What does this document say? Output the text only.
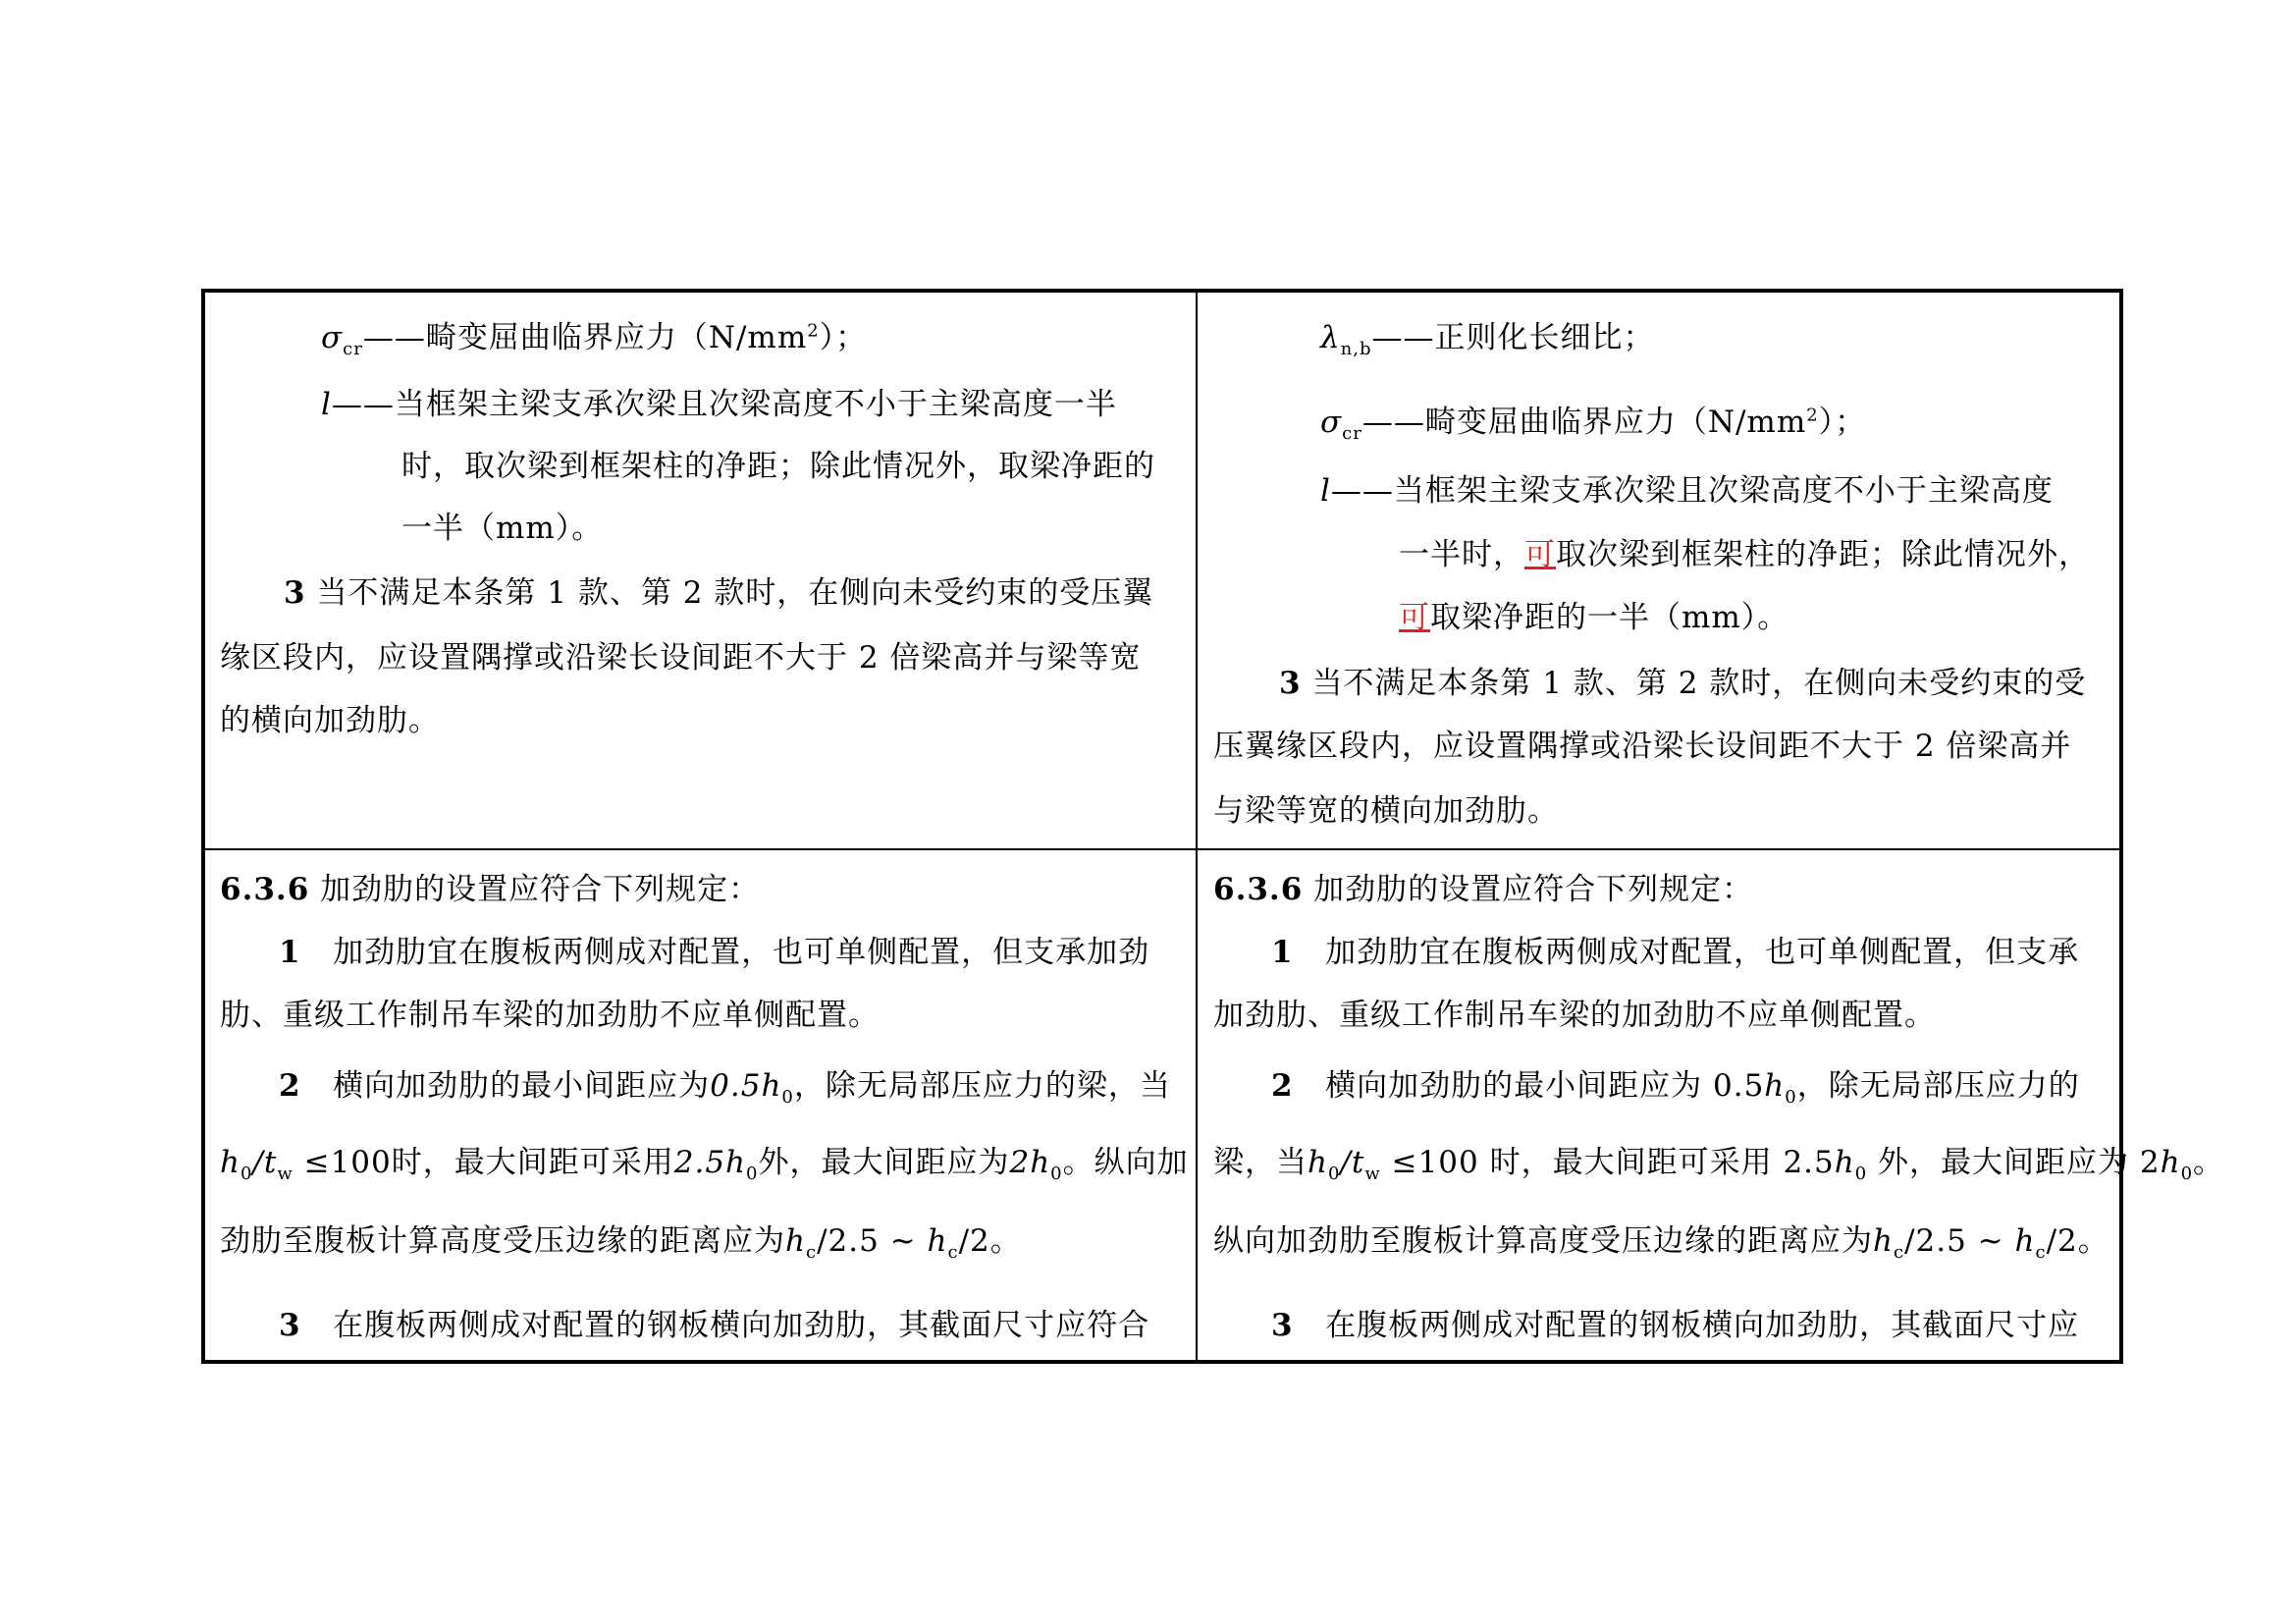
$\sigma_{cr}——$畸变屈曲临界应力$(N/mm^2)$；
l——当框架主梁支承次梁且次梁高度不小于主梁高度一半
时，取次梁到框架柱的净距；除此情况外，取梁净距的
一半（mm）。
3 当不满足本条第 1 款、第 2 款时，在侧向未受约束的受压翼
缘区段内，应设置隅撑或沿梁长设间距不大于 2 倍梁高并与梁等宽
的横向加劲肋。
$\lambda_{n,b}——$正则化长细比；
$\sigma_{cr}——$畸变屈曲临界应力$(N/mm^2)$；
l——当框架主梁支承次梁且次梁高度不小于主梁高度
一半时，可取次梁到框架柱的净距；除此情况外，
可取梁净距的一半（mm）。
3 当不满足本条第 1 款、第 2 款时，在侧向未受约束的受
压翼缘区段内，应设置隅撑或沿梁长设间距不大于 2 倍梁高并
与梁等宽的横向加劲肋。
6.3.6 加劲肋的设置应符合下列规定：
1 加劲肋宜在腹板两侧成对配置，也可单侧配置，但支承加劲
肋、重级工作制吊车梁的加劲肋不应单侧配置。
2 横向加劲肋的最小间距应为$0.5h_0$，除无局部压应力的梁，当
$h_0/t_w \le 100$时，最大间距可采用$2.5h_0$外，最大间距应为$2h_0$。纵向加
劲肋至腹板计算高度受压边缘的距离应为$h_c/2.5$ ~ $h_c/2$。
3 在腹板两侧成对配置的钢板横向加劲肋，其截面尺寸应符合
6.3.6 加劲肋的设置应符合下列规定：
1 加劲肋宜在腹板两侧成对配置，也可单侧配置，但支承
加劲肋、重级工作制吊车梁的加劲肋不应单侧配置。
2 横向加劲肋的最小间距应为 $0.5h_0$，除无局部压应力的
梁，当$h_0/t_w \le 100$ 时，最大间距可采用 $2.5h_0$ 外，最大间距应为 $2h_0$。
纵向加劲肋至腹板计算高度受压边缘的距离应为$h_c/2.5$ ~ $h_c/2$。
3 在腹板两侧成对配置的钢板横向加劲肋，其截面尺寸应
